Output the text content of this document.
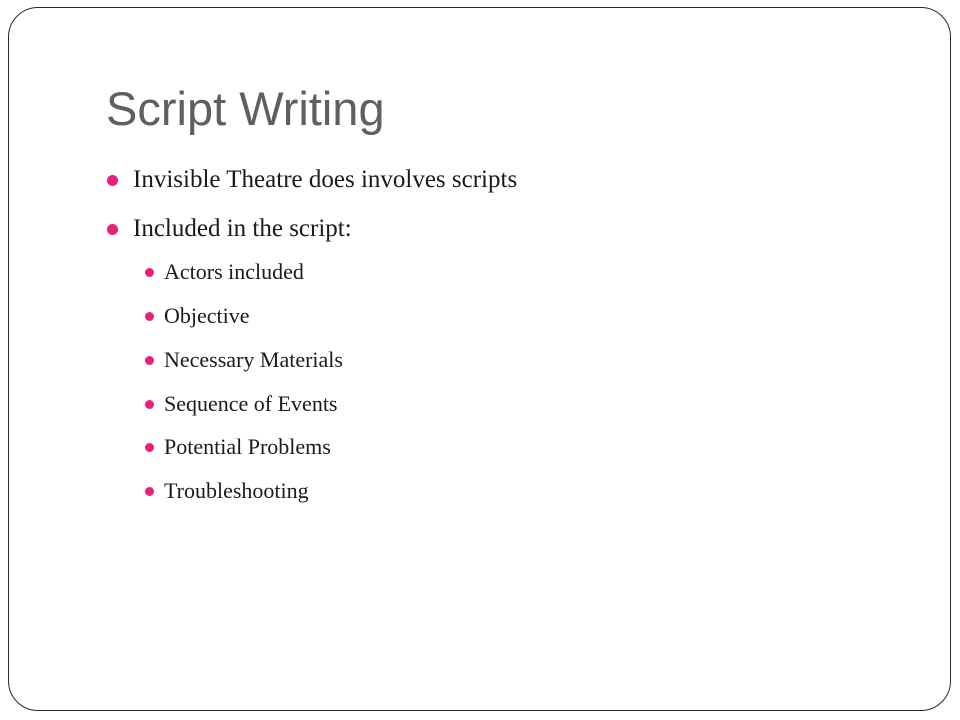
Script Writing
Invisible Theatre does involves scripts
Included in the script:
Actors included
Objective
Necessary Materials
Sequence of Events
Potential Problems
Troubleshooting
